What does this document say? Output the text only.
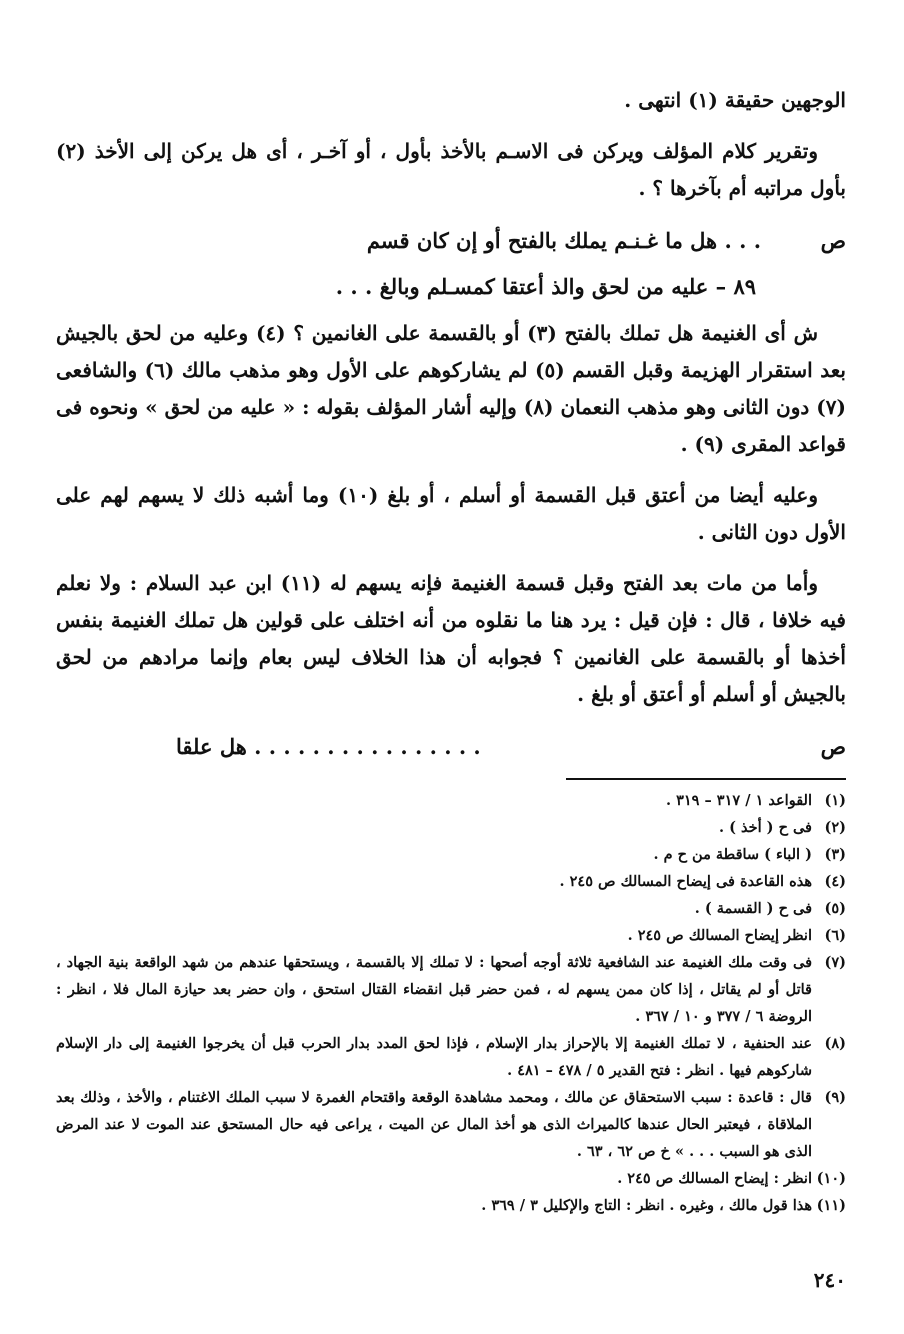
الوجهين حقيقة (١) انتهى .

وتقرير كلام المؤلف ويركن فى الاسـم بالأخذ بأول ، أو آخـر ، أى هل يركن إلى الأخذ (٢) بأول مراتبه أم بآخرها ؟ .

ص
. . . هل ما غـنـم يملك بالفتح أو إن كان قسم
٨٩ – عليه من لحق والذ أعتقا كمسـلم وبالغ . . .

ش أى الغنيمة هل تملك بالفتح (٣) أو بالقسمة على الغانمين ؟ (٤) وعليه من لحق بالجيش بعد استقرار الهزيمة وقبل القسم (٥) لم يشاركوهم على الأول وهو مذهب مالك (٦) والشافعى (٧) دون الثانى وهو مذهب النعمان (٨) وإليه أشار المؤلف بقوله : « عليه من لحق » ونحوه فى قواعد المقرى (٩) .

وعليه أيضا من أعتق قبل القسمة أو أسلم ، أو بلغ (١٠) وما أشبه ذلك لا يسهم لهم على الأول دون الثانى .

وأما من مات بعد الفتح وقبل قسمة الغنيمة فإنه يسهم له (١١) ابن عبد السلام : ولا نعلم فيه خلافا ، قال : فإن قيل : يرد هنا ما نقلوه من أنه اختلف على قولين هل تملك الغنيمة بنفس أخذها أو بالقسمة على الغانمين ؟ فجوابه أن هذا الخلاف ليس بعام وإنما مرادهم من لحق بالجيش أو أسلم أو أعتق أو بلغ .

ص
. . . . . . . . . . . . . . . . هل علقا
(١)
القواعد ١ / ٣١٧ – ٣١٩ .
(٢)
فى ح ( أخذ ) .
(٣)
( الباء ) ساقطة من ح م .
(٤)
هذه القاعدة فى إيضاح المسالك ص ٢٤٥ .
(٥)
فى ح ( القسمة ) .
(٦)
انظر إيضاح المسالك ص ٢٤٥ .
(٧)
فى وقت ملك الغنيمة عند الشافعية ثلاثة أوجه أصحها : لا تملك إلا بالقسمة ، ويستحقها عندهم من شهد الواقعة بنية الجهاد ، قاتل أو لم يقاتل ، إذا كان ممن يسهم له ، فمن حضر قبل انقضاء القتال استحق ، وان حضر بعد حيازة المال فلا ، انظر : الروضة ٦ / ٣٧٧ و ١٠ / ٣٦٧ .
(٨)
عند الحنفية ، لا تملك الغنيمة إلا بالإحراز بدار الإسلام ، فإذا لحق المدد بدار الحرب قبل أن يخرجوا الغنيمة إلى دار الإسلام شاركوهم فيها . انظر : فتح القدير ٥ / ٤٧٨ – ٤٨١ .
(٩)
قال : قاعدة : سبب الاستحقاق عن مالك ، ومحمد مشاهدة الوقعة واقتحام الغمرة لا سبب الملك الاغتنام ، والأخذ ، وذلك بعد الملاقاة ، فيعتبر الحال عندها كالميراث الذى هو أخذ المال عن الميت ، يراعى فيه حال المستحق عند الموت لا عند المرض الذى هو السبب . . . » خ ص ٦٢ ، ٦٣ .
(١٠)
انظر : إيضاح المسالك ص ٢٤٥ .
(١١)
هذا قول مالك ، وغيره . انظر : التاج والإكليل ٣ / ٣٦٩ .
٢٤٠
